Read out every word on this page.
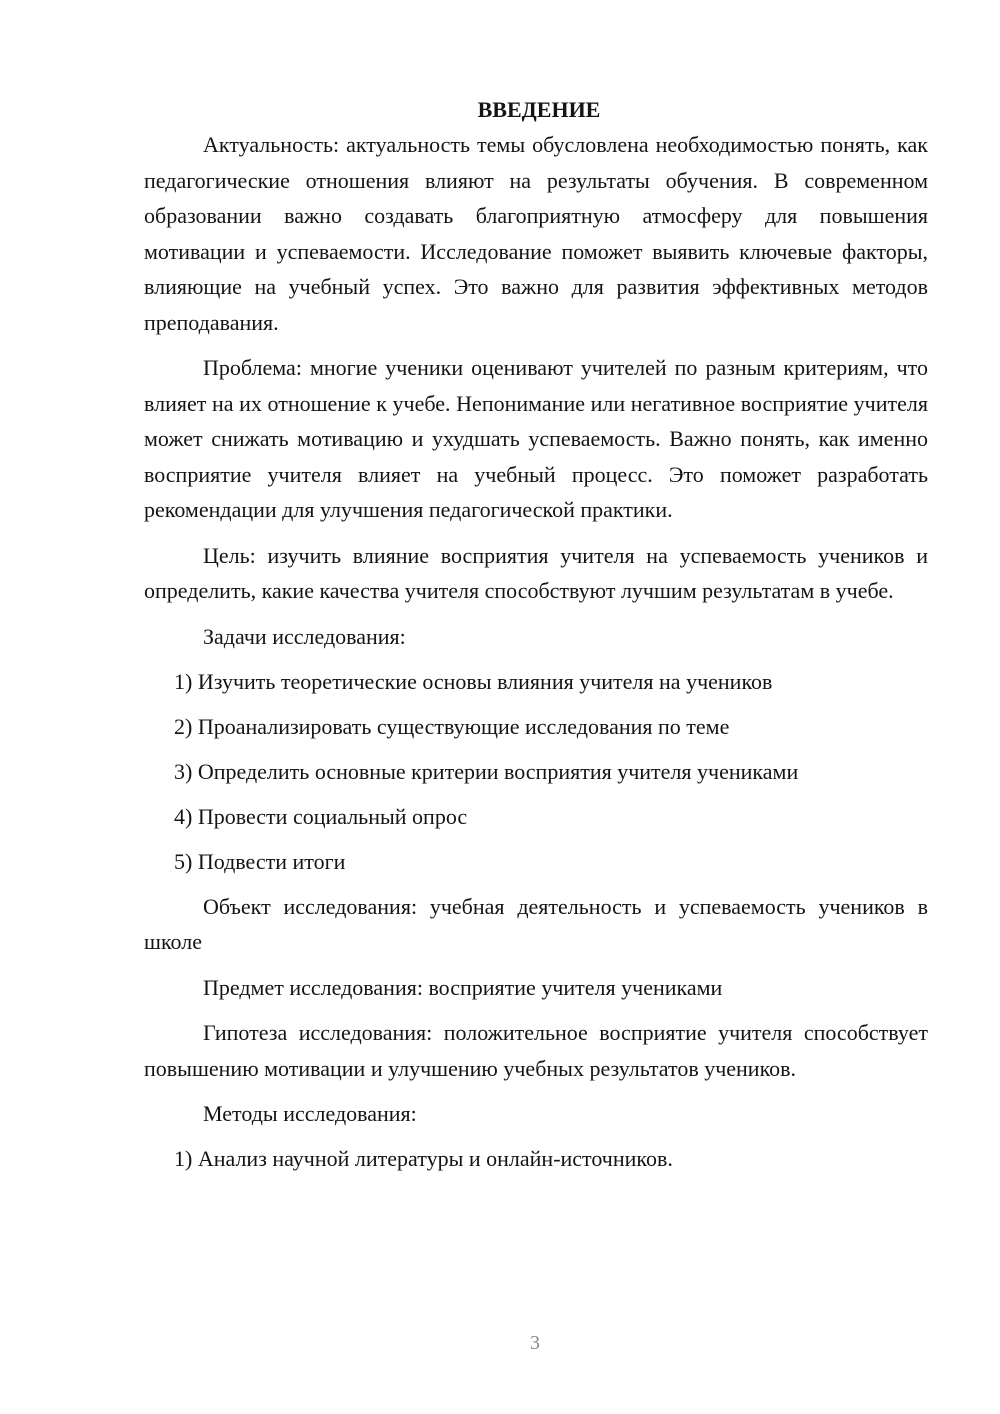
ВВЕДЕНИЕ

Актуальность: актуальность темы обусловлена необходимостью понять, как педагогические отношения влияют на результаты обучения. В современном образовании важно создавать благоприятную атмосферу для повышения мотивации и успеваемости. Исследование поможет выявить ключевые факторы, влияющие на учебный успех. Это важно для развития эффективных методов преподавания.

Проблема: многие ученики оценивают учителей по разным критериям, что влияет на их отношение к учебе. Непонимание или негативное восприятие учителя может снижать мотивацию и ухудшать успеваемость. Важно понять, как именно восприятие учителя влияет на учебный процесс. Это поможет разработать рекомендации для улучшения педагогической практики.

Цель: изучить влияние восприятия учителя на успеваемость учеников и определить, какие качества учителя способствуют лучшим результатам в учебе.

Задачи исследования:
1) Изучить теоретические основы влияния учителя на учеников
2) Проанализировать существующие исследования по теме
3) Определить основные критерии восприятия учителя учениками
4) Провести социальный опрос
5) Подвести итоги

Объект исследования: учебная деятельность и успеваемость учеников в школе

Предмет исследования: восприятие учителя учениками

Гипотеза исследования: положительное восприятие учителя способствует повышению мотивации и улучшению учебных результатов учеников.

Методы исследования:
1) Анализ научной литературы и онлайн-источников.
3
